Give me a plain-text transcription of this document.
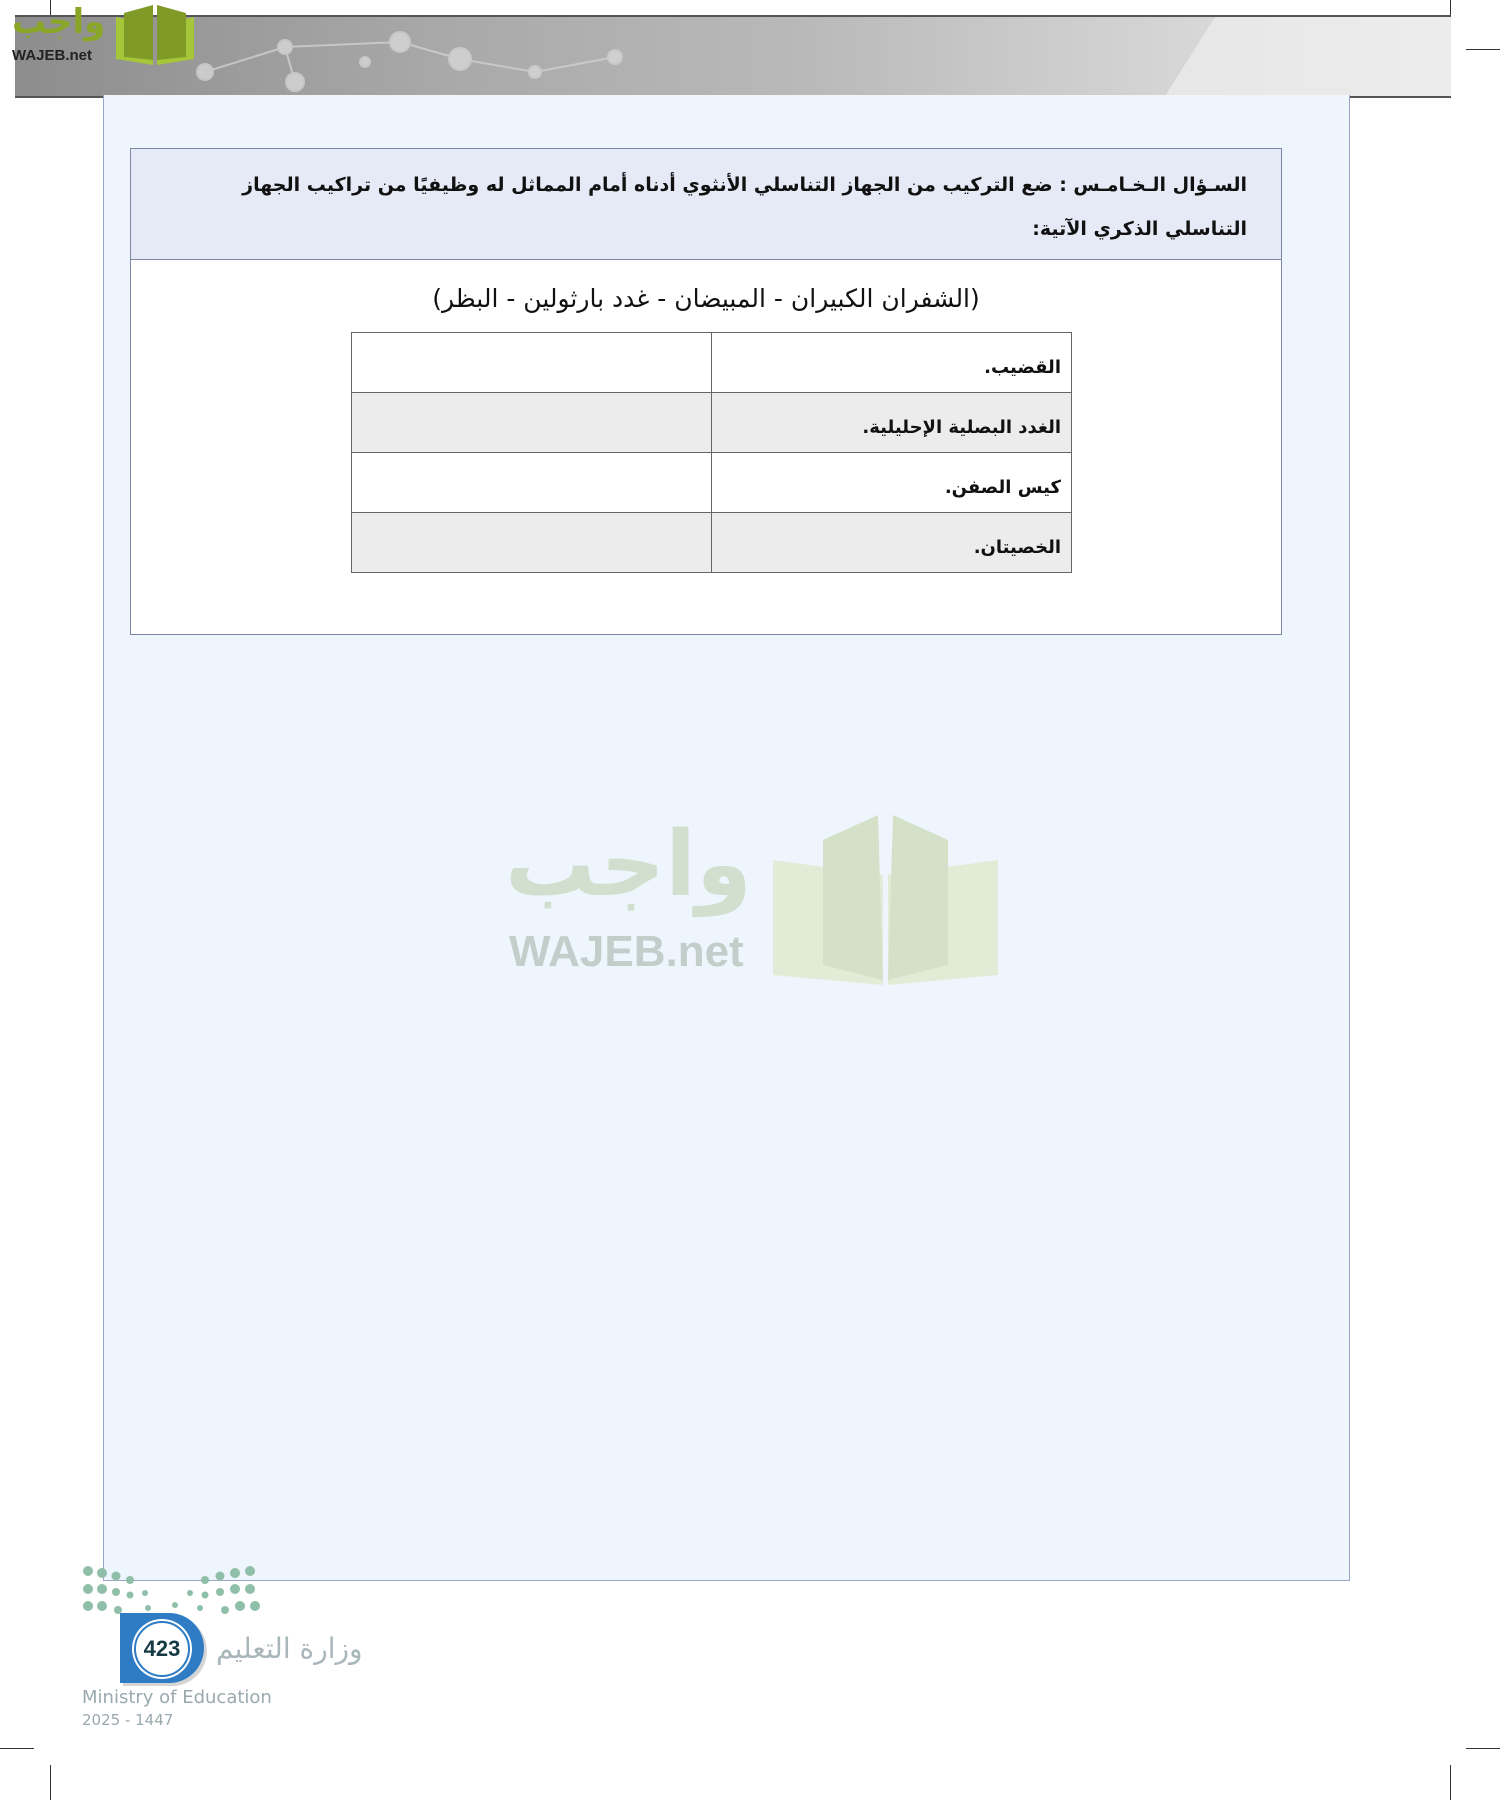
واجب
WAJEB.net
واجب
WAJEB.net
السـؤال الـخـامـس : ضع التركيب من الجهاز التناسلي الأنثوي أدناه أمام المماثل له وظيفيًا من تراكيب الجهاز التناسلي الذكري الآتية:
(الشفران الكبيران - المبيضان - غدد بارثولين - البظر)
القضيب.	
الغدد البصلية الإحليلية.	
كيس الصفن.	
الخصيتان.	
423	وزارة التعليم
Ministry of Education
2025 - 1447
